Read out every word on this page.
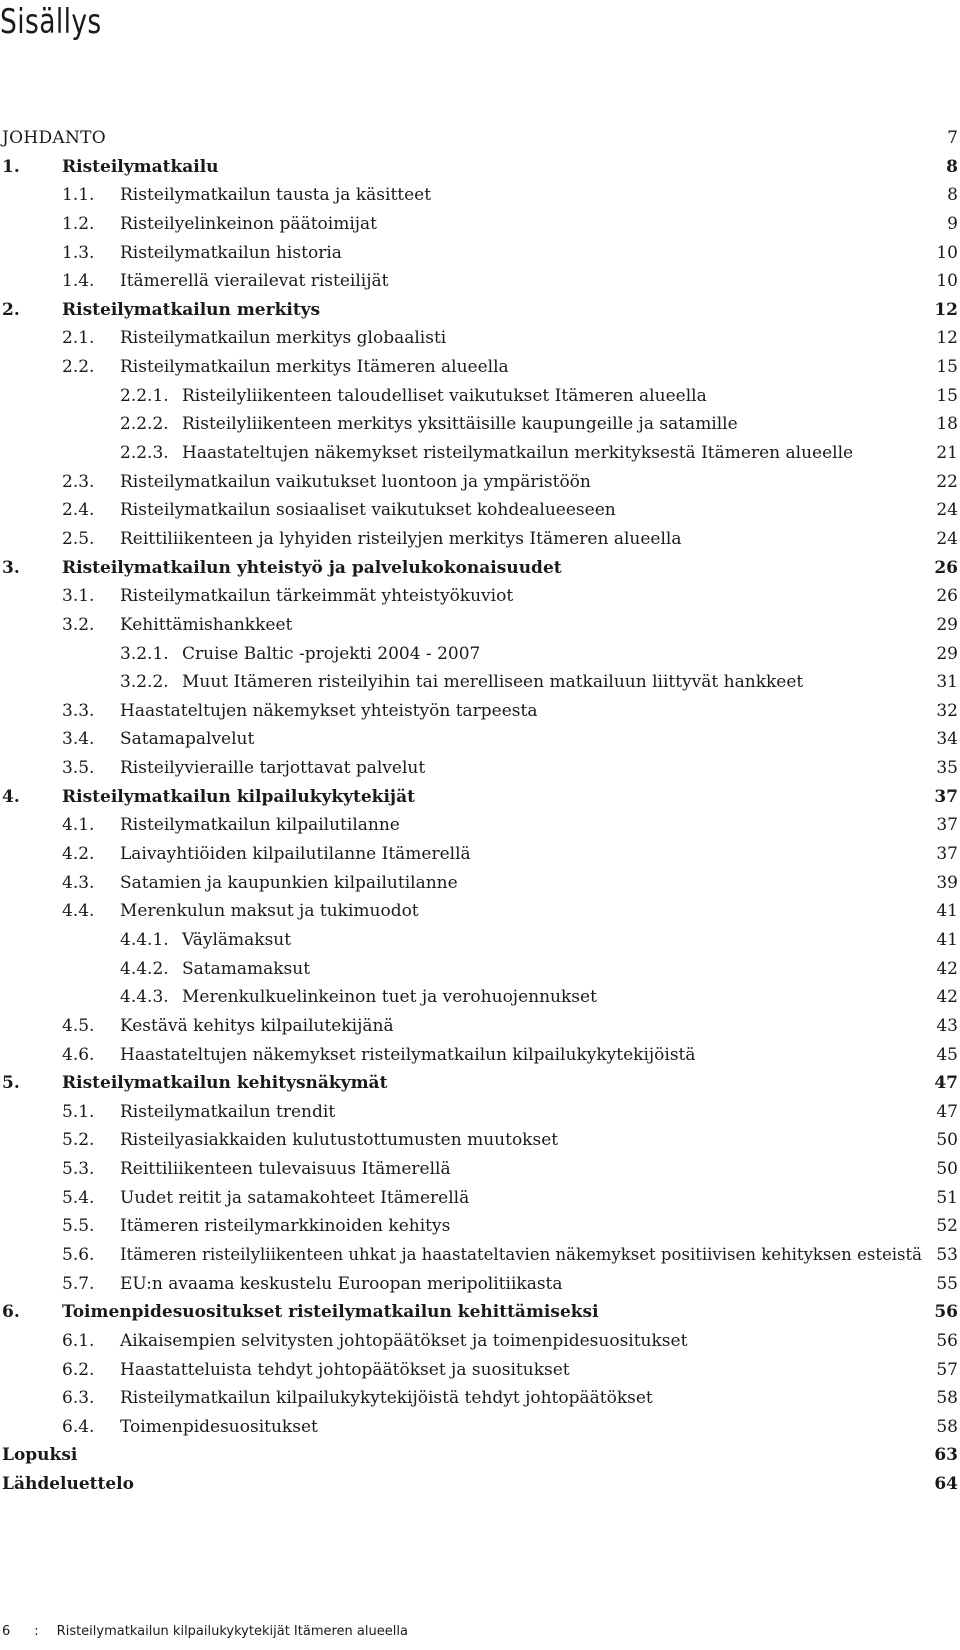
Sisällys
JOHDANTO	7
1. Risteilymatkailu	8
1.1. Risteilymatkailun tausta ja käsitteet	8
1.2. Risteilyelinkeinon päätoimijat	9
1.3. Risteilymatkailun historia	10
1.4. Itämerellä vierailevat risteilijät	10
2. Risteilymatkailun merkitys	12
2.1. Risteilymatkailun merkitys globaalisti	12
2.2. Risteilymatkailun merkitys Itämeren alueella	15
2.2.1. Risteilyliikenteen taloudelliset vaikutukset Itämeren alueella	15
2.2.2. Risteilyliikenteen merkitys yksittäisille kaupungeille ja satamille	18
2.2.3. Haastateltujen näkemykset risteilymatkailun merkityksestä Itämeren alueelle	21
2.3. Risteilymatkailun vaikutukset luontoon ja ympäristöön	22
2.4. Risteilymatkailun sosiaaliset vaikutukset kohdealueeseen	24
2.5. Reittiliikenteen ja lyhyiden risteilyjen merkitys Itämeren alueella	24
3. Risteilymatkailun yhteistyö ja palvelukokonaisuudet	26
3.1. Risteilymatkailun tärkeimmät yhteistyökuviot	26
3.2. Kehittämishankkeet	29
3.2.1. Cruise Baltic -projekti 2004 - 2007	29
3.2.2. Muut Itämeren risteilyihin tai merelliseen matkailuun liittyvät hankkeet	31
3.3. Haastateltujen näkemykset yhteistyön tarpeesta	32
3.4. Satamapalvelut	34
3.5. Risteilyvieraille tarjottavat palvelut	35
4. Risteilymatkailun kilpailukykytekijät	37
4.1. Risteilymatkailun kilpailutilanne	37
4.2. Laivayhtiöiden kilpailutilanne Itämerellä	37
4.3. Satamien ja kaupunkien kilpailutilanne	39
4.4. Merenkulun maksut ja tukimuodot	41
4.4.1. Väylämaksut	41
4.4.2. Satamamaksut	42
4.4.3. Merenkulkuelinkeinon tuet ja verohuojennukset	42
4.5. Kestävä kehitys kilpailutekijänä	43
4.6. Haastateltujen näkemykset risteilymatkailun kilpailukykytekijöistä	45
5. Risteilymatkailun kehitysnäkymät	47
5.1. Risteilymatkailun trendit	47
5.2. Risteilyasiakkaiden kulutustottumusten muutokset	50
5.3. Reittiliikenteen tulevaisuus Itämerellä	50
5.4. Uudet reitit ja satamakohteet Itämerellä	51
5.5. Itämeren risteilymarkkinoiden kehitys	52
5.6. Itämeren risteilyliikenteen uhkat ja haastateltavien näkemykset positiivisen kehityksen esteistä 53
5.7. EU:n avaama keskustelu Euroopan meripolitiikasta	55
6. Toimenpidesuositukset risteilymatkailun kehittämiseksi	56
6.1. Aikaisempien selvitysten johtopäätökset ja toimenpidesuositukset	56
6.2. Haastatteluista tehdyt johtopäätökset ja suositukset	57
6.3. Risteilymatkailun kilpailukykytekijöistä tehdyt johtopäätökset	58
6.4. Toimenpidesuositukset	58
Lopuksi	63
Lähdeluettelo	64
6 : Risteilymatkailun kilpailukykytekijät Itämeren alueella
